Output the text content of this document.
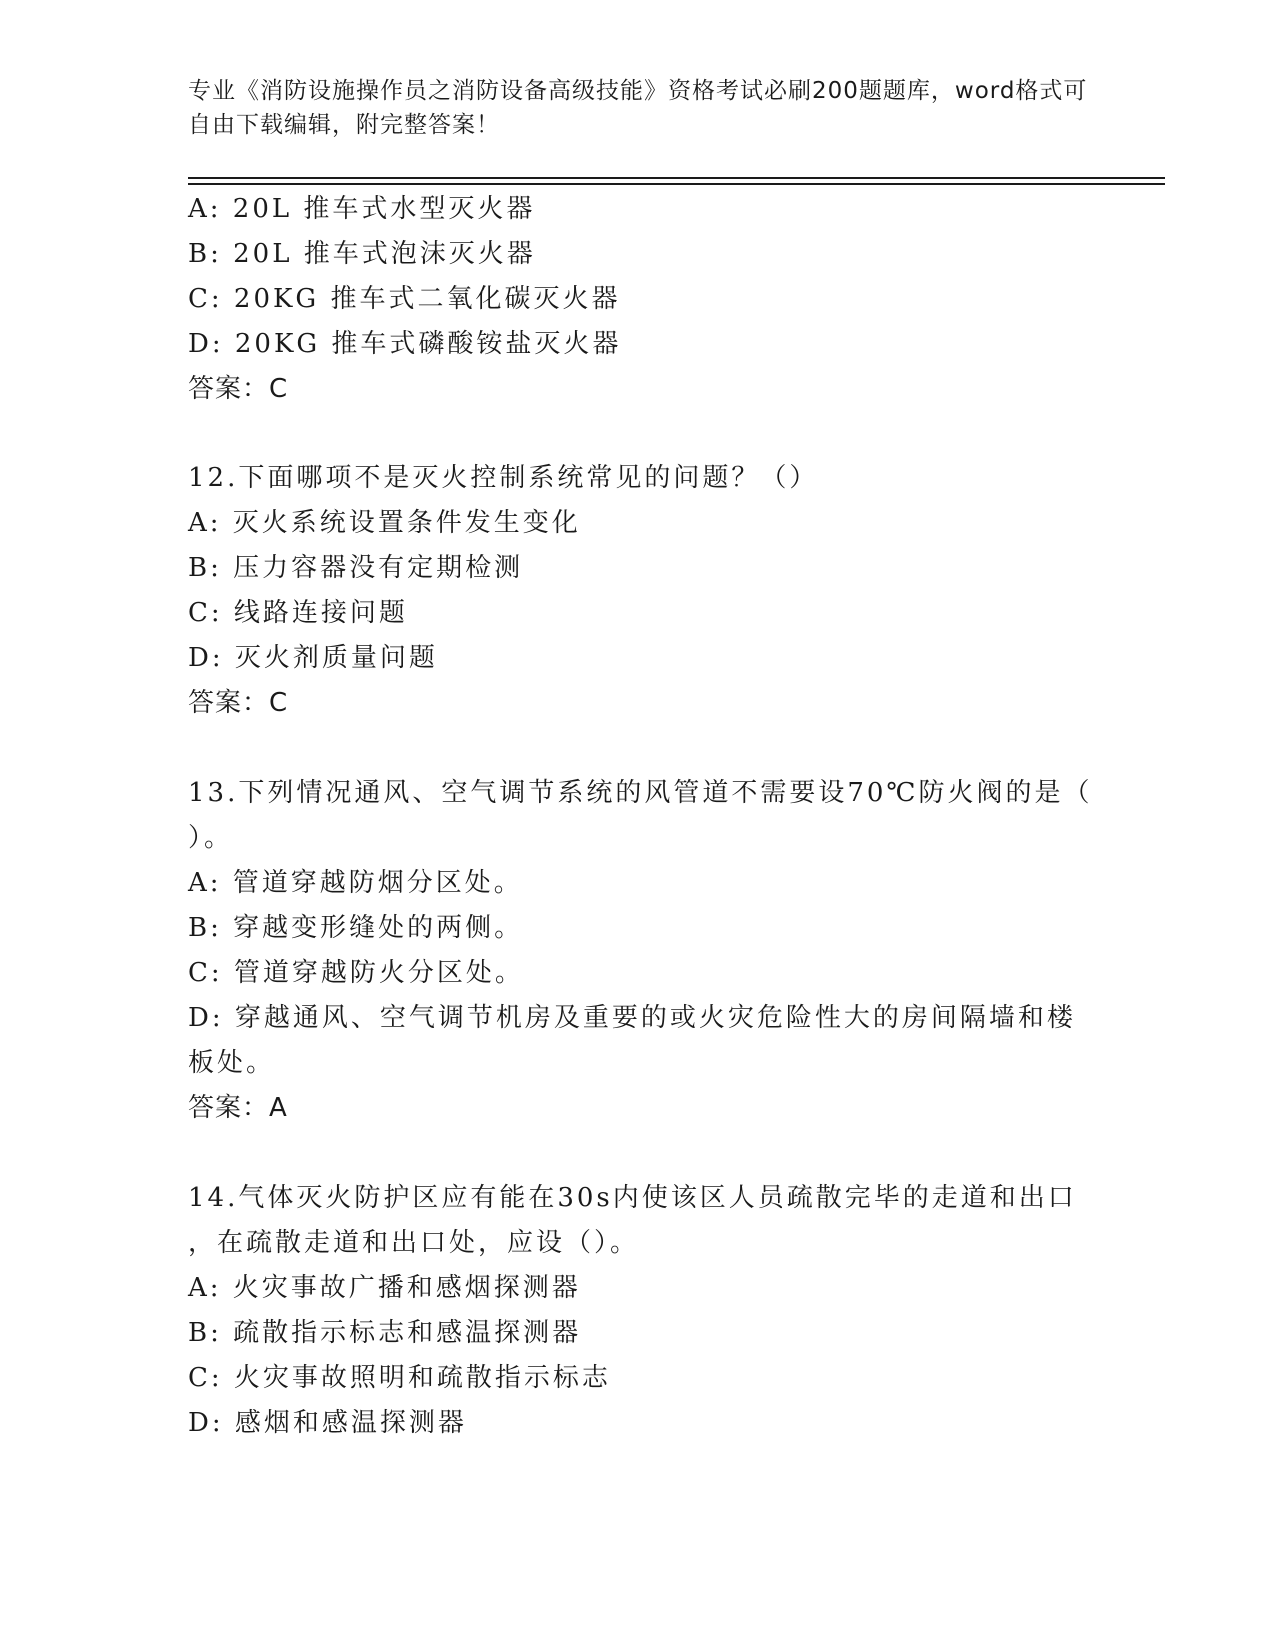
专业《消防设施操作员之消防设备高级技能》资格考试必刷200题题库，word格式可自由下载编辑，附完整答案！
A: 20L 推车式水型灭火器
B: 20L 推车式泡沫灭火器
C: 20KG 推车式二氧化碳灭火器
D: 20KG 推车式磷酸铵盐灭火器
答案：C
12.下面哪项不是灭火控制系统常见的问题？（）
A: 灭火系统设置条件发生变化
B: 压力容器没有定期检测
C: 线路连接问题
D: 灭火剂质量问题
答案：C
13.下列情况通风、空气调节系统的风管道不需要设70℃防火阀的是（
）。
A: 管道穿越防烟分区处。
B: 穿越变形缝处的两侧。
C: 管道穿越防火分区处。
D: 穿越通风、空气调节机房及重要的或火灾危险性大的房间隔墙和楼
板处。
答案：A
14.气体灭火防护区应有能在30s内使该区人员疏散完毕的走道和出口
，在疏散走道和出口处，应设（）。
A: 火灾事故广播和感烟探测器
B: 疏散指示标志和感温探测器
C: 火灾事故照明和疏散指示标志
D: 感烟和感温探测器
